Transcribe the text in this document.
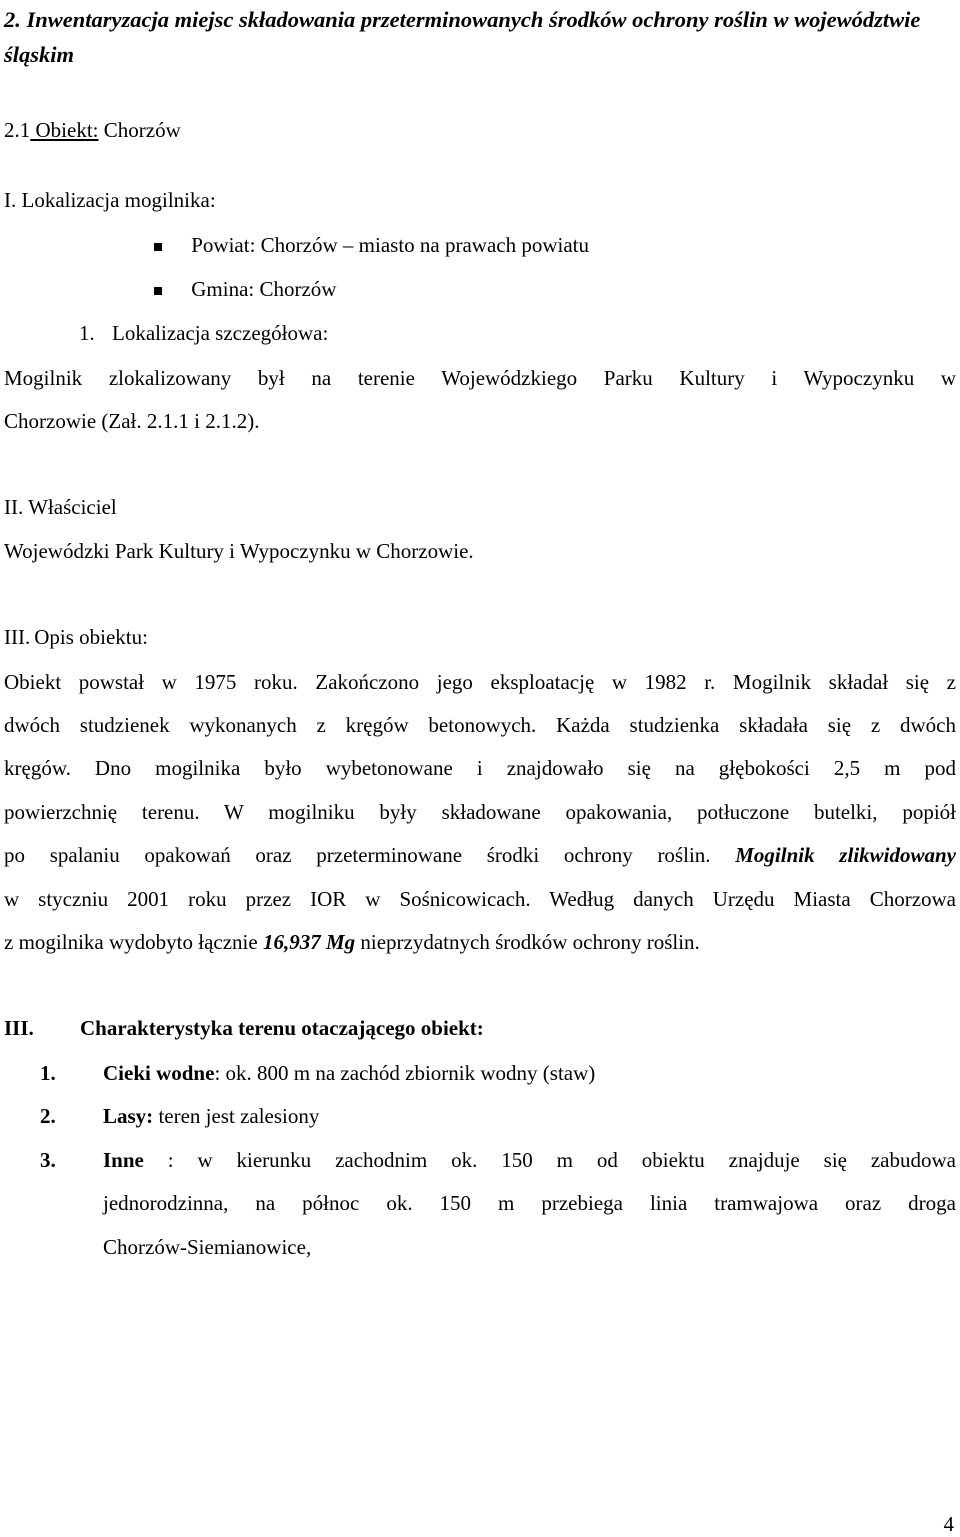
2. Inwentaryzacja miejsc składowania przeterminowanych środków ochrony roślin w województwie śląskim
2.1 Obiekt: Chorzów
I. Lokalizacja mogilnika:
Powiat: Chorzów – miasto na prawach powiatu
Gmina: Chorzów
1. Lokalizacja szczegółowa:
Mogilnik zlokalizowany był na terenie Wojewódzkiego Parku Kultury i Wypoczynku w
Chorzowie (Zał. 2.1.1 i 2.1.2).
II. Właściciel
Wojewódzki Park Kultury i Wypoczynku w Chorzowie.
III. Opis obiektu:
Obiekt powstał w 1975 roku. Zakończono jego eksploatację w 1982 r. Mogilnik składał się z
dwóch studzienek wykonanych z kręgów betonowych. Każda studzienka składała się z dwóch
kręgów. Dno mogilnika było wybetonowane i znajdowało się na głębokości 2,5 m pod
powierzchnię terenu. W mogilniku były składowane opakowania, potłuczone butelki, popiół
po spalaniu opakowań oraz przeterminowane środki ochrony roślin. Mogilnik zlikwidowany
w styczniu 2001 roku przez IOR w Sośnicowicach. Według danych Urzędu Miasta Chorzowa
z mogilnika wydobyto łącznie 16,937 Mg nieprzydatnych środków ochrony roślin.
III. Charakterystyka terenu otaczającego obiekt:
1. Cieki wodne: ok. 800 m na zachód zbiornik wodny (staw)
2. Lasy: teren jest zalesiony
3. Inne : w kierunku zachodnim ok. 150 m od obiektu znajduje się zabudowa
jednorodzinna, na północ ok. 150 m przebiega linia tramwajowa oraz droga
Chorzów-Siemianowice,
4
